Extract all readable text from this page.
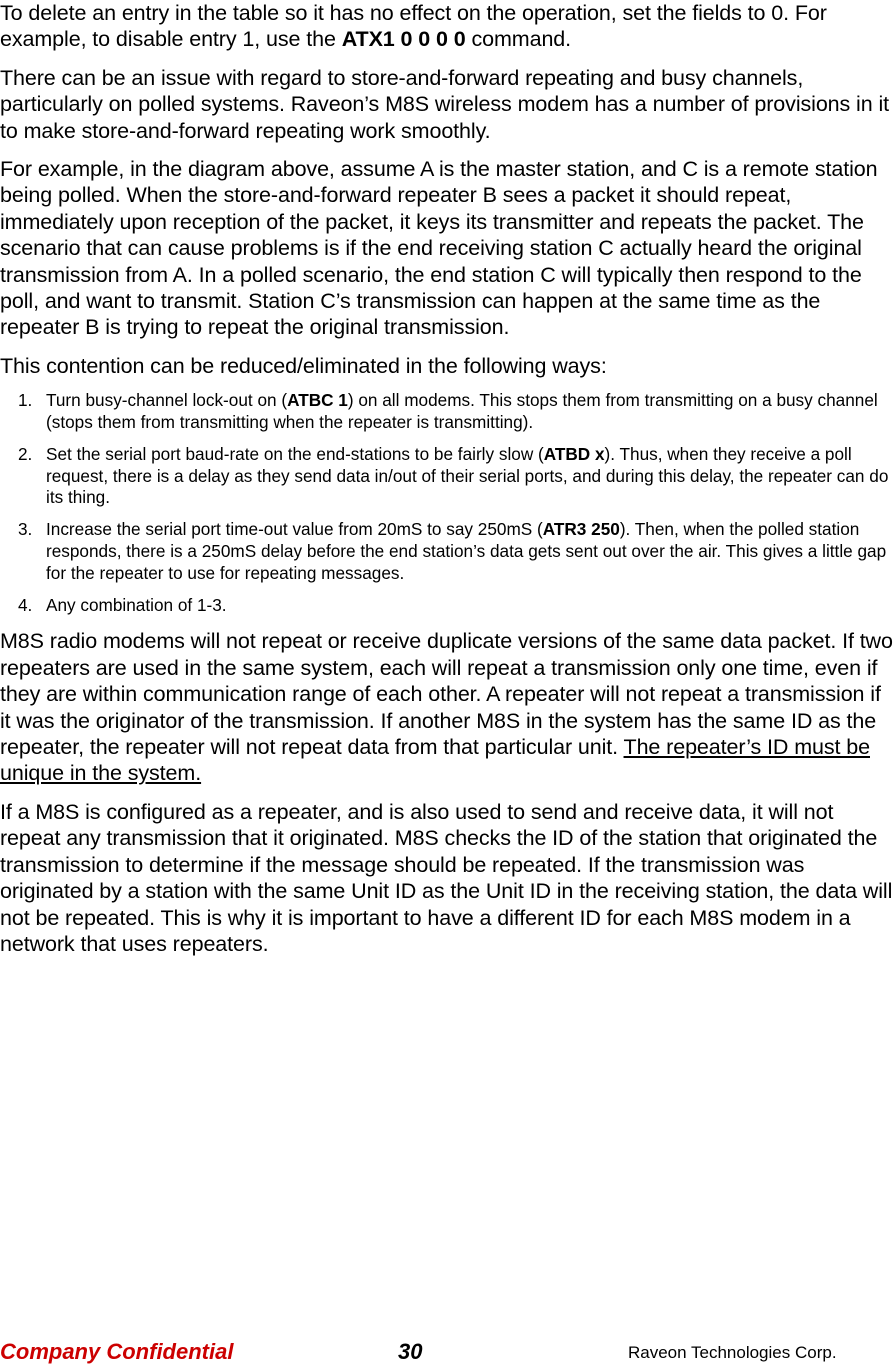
To delete an entry in the table so it has no effect on the operation, set the fields to 0. For example, to disable entry 1, use the ATX1 0 0 0 0 command.

There can be an issue with regard to store-and-forward repeating and busy channels, particularly on polled systems. Raveon’s M8S wireless modem has a number of provisions in it to make store-and-forward repeating work smoothly.

For example, in the diagram above, assume A is the master station, and C is a remote station being polled. When the store-and-forward repeater B sees a packet it should repeat, immediately upon reception of the packet, it keys its transmitter and repeats the packet. The scenario that can cause problems is if the end receiving station C actually heard the original transmission from A. In a polled scenario, the end station C will typically then respond to the poll, and want to transmit. Station C’s transmission can happen at the same time as the repeater B is trying to repeat the original transmission.

This contention can be reduced/eliminated in the following ways:

1. Turn busy-channel lock-out on (ATBC 1) on all modems. This stops them from transmitting on a busy channel (stops them from transmitting when the repeater is transmitting).
2. Set the serial port baud-rate on the end-stations to be fairly slow (ATBD x). Thus, when they receive a poll request, there is a delay as they send data in/out of their serial ports, and during this delay, the repeater can do its thing.
3. Increase the serial port time-out value from 20mS to say 250mS (ATR3 250). Then, when the polled station responds, there is a 250mS delay before the end station’s data gets sent out over the air. This gives a little gap for the repeater to use for repeating messages.
4. Any combination of 1-3.

M8S radio modems will not repeat or receive duplicate versions of the same data packet. If two repeaters are used in the same system, each will repeat a transmission only one time, even if they are within communication range of each other. A repeater will not repeat a transmission if it was the originator of the transmission. If another M8S in the system has the same ID as the repeater, the repeater will not repeat data from that particular unit. The repeater’s ID must be unique in the system.

If a M8S is configured as a repeater, and is also used to send and receive data, it will not repeat any transmission that it originated. M8S checks the ID of the station that originated the transmission to determine if the message should be repeated. If the transmission was originated by a station with the same Unit ID as the Unit ID in the receiving station, the data will not be repeated. This is why it is important to have a different ID for each M8S modem in a network that uses repeaters.

Company Confidential	30	Raveon Technologies Corp.
